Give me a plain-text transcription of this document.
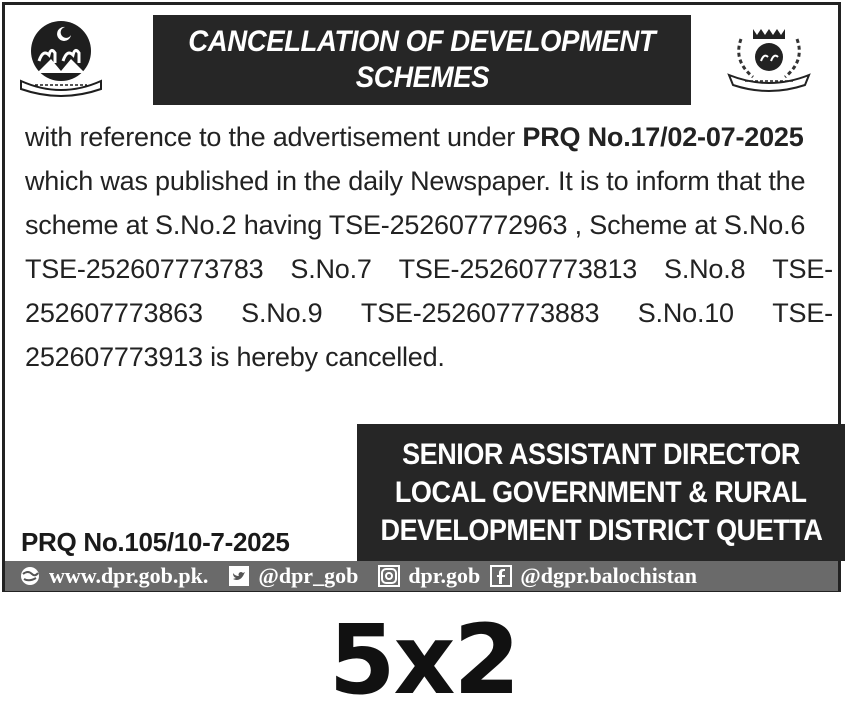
CANCELLATION OF DEVELOPMENT
SCHEMES
with reference to the advertisement under PRQ No.17/02-07-2025
which was published in the daily Newspaper. It is to inform that the
scheme at S.No.2 having TSE-252607772963 , Scheme at S.No.6
TSE-252607773783 S.No.7 TSE-252607773813 S.No.8 TSE-
252607773863 S.No.9 TSE-252607773883 S.No.10 TSE-
252607773913 is hereby cancelled.
SENIOR ASSISTANT DIRECTOR
LOCAL GOVERNMENT & RURAL
DEVELOPMENT DISTRICT QUETTA
PRQ No.105/10-7-2025
www.dpr.gob.pk. @dpr_gob dpr.gob @dgpr.balochistan
5x2
